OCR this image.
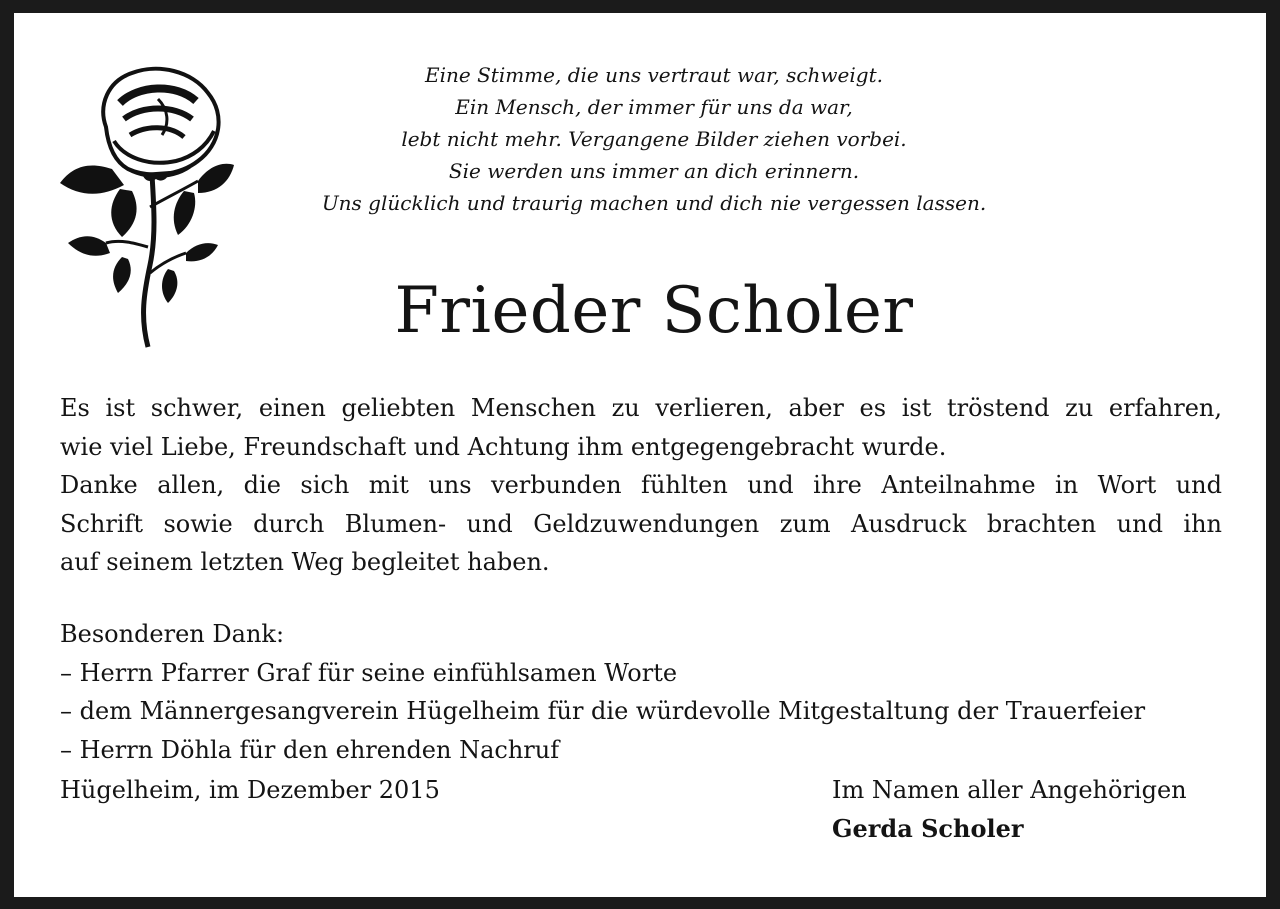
Eine Stimme, die uns vertraut war, schweigt.
Ein Mensch, der immer für uns da war,
lebt nicht mehr. Vergangene Bilder ziehen vorbei.
Sie werden uns immer an dich erinnern.
Uns glücklich und traurig machen und dich nie vergessen lassen.
Frieder Scholer
Es ist schwer, einen geliebten Menschen zu verlieren, aber es ist tröstend zu erfahren,
wie viel Liebe, Freundschaft und Achtung ihm entgegengebracht wurde.
Danke allen, die sich mit uns verbunden fühlten und ihre Anteilnahme in Wort und
Schrift sowie durch Blumen- und Geldzuwendungen zum Ausdruck brachten und ihn
auf seinem letzten Weg begleitet haben.
Besonderen Dank:
– Herrn Pfarrer Graf für seine einfühlsamen Worte
– dem Männergesangverein Hügelheim für die würdevolle Mitgestaltung der Trauerfeier
– Herrn Döhla für den ehrenden Nachruf
Hügelheim, im Dezember 2015	Im Namen aller Angehörigen
Gerda Scholer
